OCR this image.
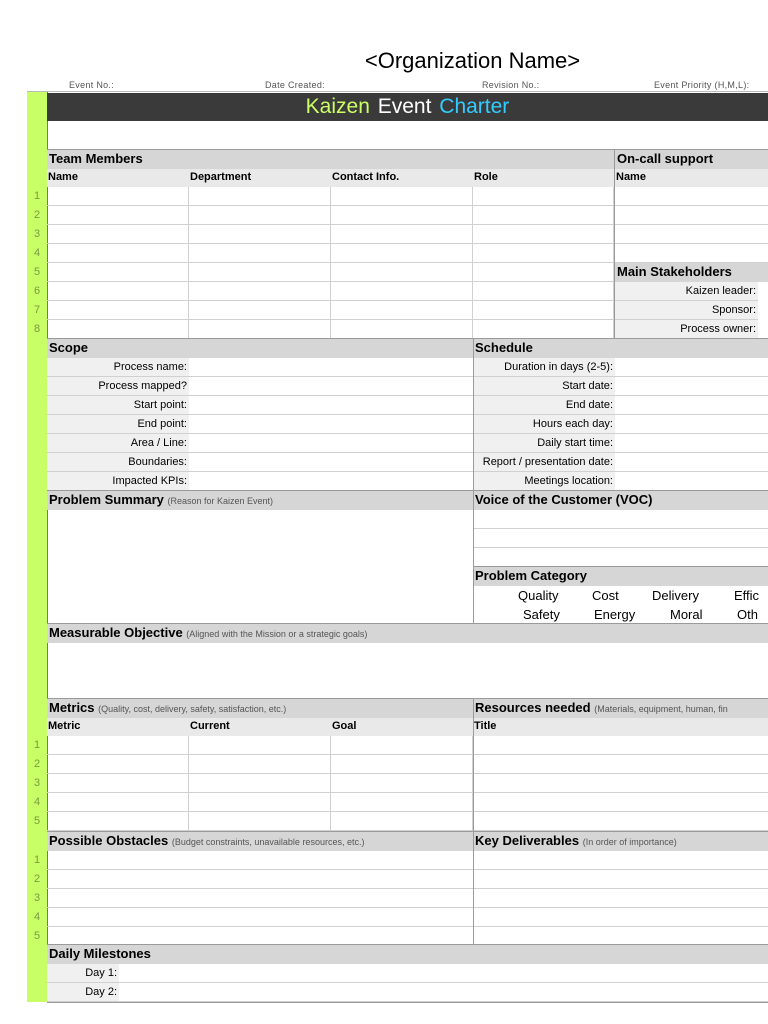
<Organization Name>
Event No.:	Date Created:	Revision No.:	Event Priority (H,M,L):
Kaizen Event Charter
Team Members	On-call support
Name	Department	Contact Info.	Role	Name
1
2
3
4
5
6
7
8
Main Stakeholders
Kaizen leader:
Sponsor:
Process owner:
Scope	Schedule
Process name:
Process mapped?
Start point:
End point:
Area / Line:
Boundaries:
Impacted KPIs:
Duration in days (2-5):
Start date:
End date:
Hours each day:
Daily start time:
Report / presentation date:
Meetings location:
Problem Summary (Reason for Kaizen Event)	Voice of the Customer (VOC)
Problem Category
Quality	Cost	Delivery	Effic
Safety	Energy	Moral	Oth
Measurable Objective (Aligned with the Mission or a strategic goals)
Metrics (Quality, cost, delivery, safety, satisfaction, etc.)	Resources needed (Materials, equipment, human, fin
Metric	Current	Goal	Title
1
2
3
4
5
Possible Obstacles (Budget constraints, unavailable resources, etc.)	Key Deliverables (In order of importance)
1
2
3
4
5
Daily Milestones
Day 1:
Day 2:
